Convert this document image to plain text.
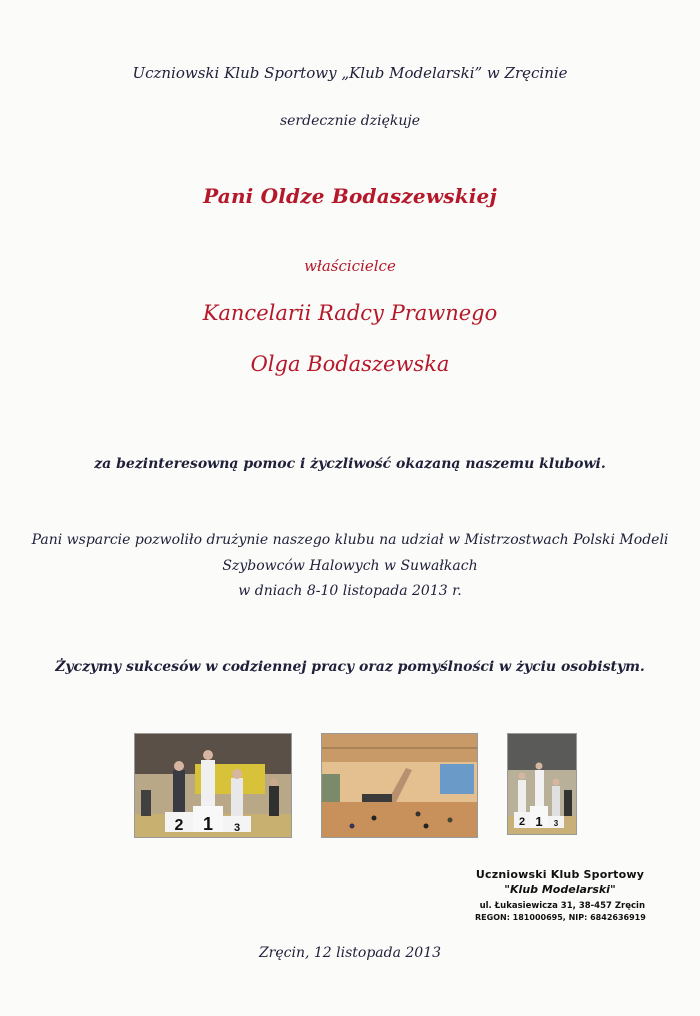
Uczniowski Klub Sportowy „Klub Modelarski” w Zręcinie
serdecznie dziękuje
Pani Oldze Bodaszewskiej
właścicielce
Kancelarii Radcy Prawnego
Olga Bodaszewska
za bezinteresowną pomoc i życzliwość okazaną naszemu klubowi.
Pani wsparcie pozwoliło drużynie naszego klubu na udział w Mistrzostwach Polski Modeli
Szybowców Halowych w Suwałkach
w dniach 8-10 listopada 2013 r.
Życzymy sukcesów w codziennej pracy oraz pomyślności w życiu osobistym.
2 1 3	2 1 3
Uczniowski Klub Sportowy
"Klub Modelarski"
ul. Łukasiewicza 31, 38-457 Zręcin
REGON: 181000695, NIP: 6842636919
Zręcin, 12 listopada 2013
